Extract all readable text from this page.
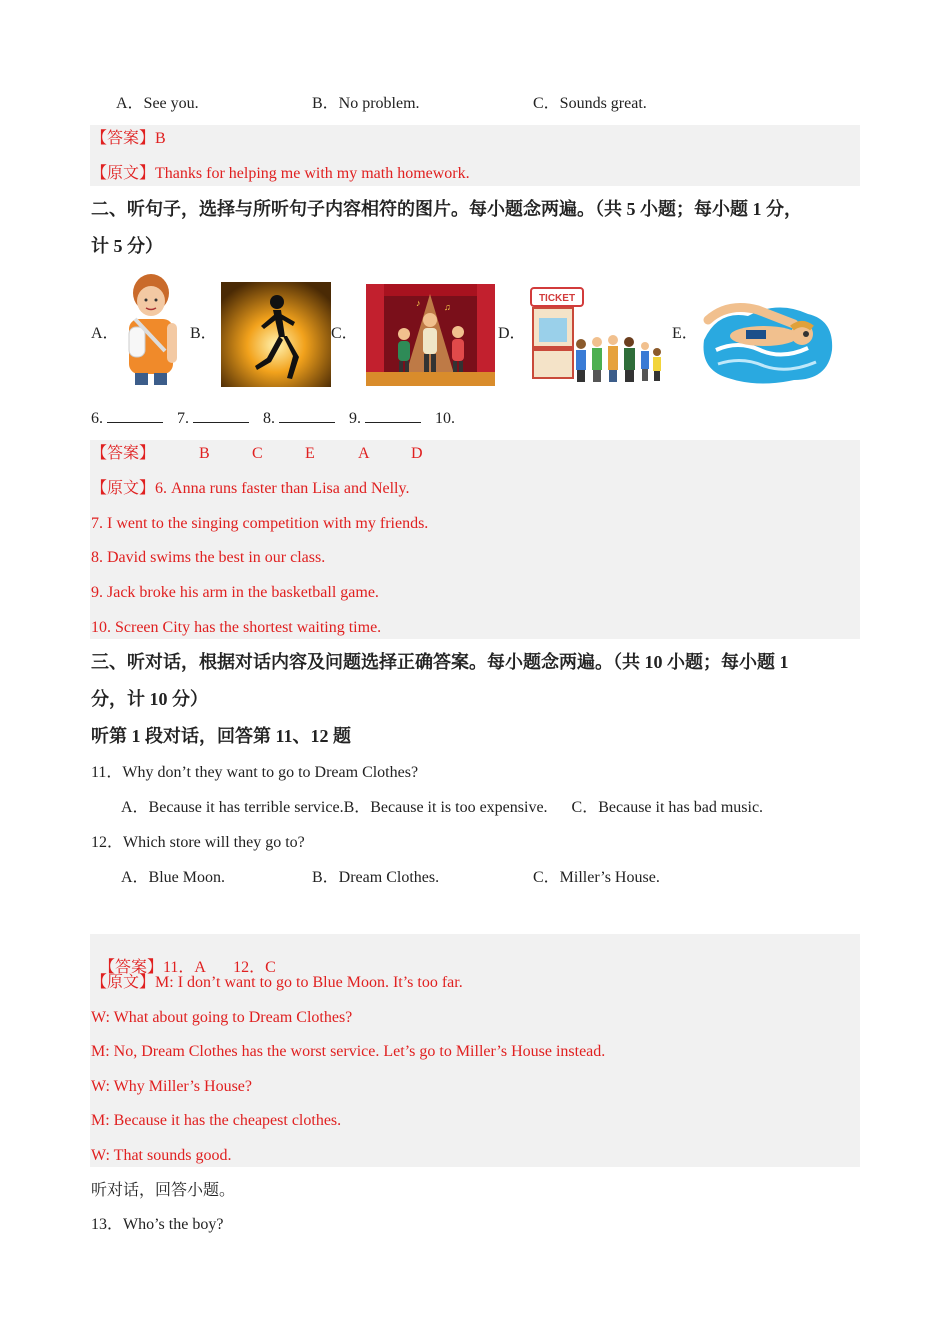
A．See you.	B．No problem.	C．Sounds great.
【答案】B
【原文】Thanks for helping me with my math homework.
二、听句子，选择与所听句子内容相符的图片。每小题念两遍。（共 5 小题；每小题 1 分，
计 5 分）
A．	B．	C．	D．	E．
♪	♫
TICKET
6.	7.	8.	9.	10.
【答案】	B	C	E	A	D
【原文】6. Anna runs faster than Lisa and Nelly.
7. I went to the singing competition with my friends.
8. David swims the best in our class.
9. Jack broke his arm in the basketball game.
10. Screen City has the shortest waiting time.
三、听对话，根据对话内容及问题选择正确答案。每小题念两遍。（共 10 小题；每小题 1
分，计 10 分）
听第 1 段对话，回答第 11、12 题
11．Why don’t they want to go to Dream Clothes?
A．Because it has terrible service.B．Because it is too expensive.      C．Because it has bad music.
12．Which store will they go to?
A．Blue Moon.	B．Dream Clothes.	C．Miller’s House.

【答案】11．A       12．C

【原文】M: I don’t want to go to Blue Moon. It’s too far.
W: What about going to Dream Clothes?
M: No, Dream Clothes has the worst service. Let’s go to Miller’s House instead.
W: Why Miller’s House?
M: Because it has the cheapest clothes.
W: That sounds good.
听对话，回答小题。
13．Who’s the boy?
